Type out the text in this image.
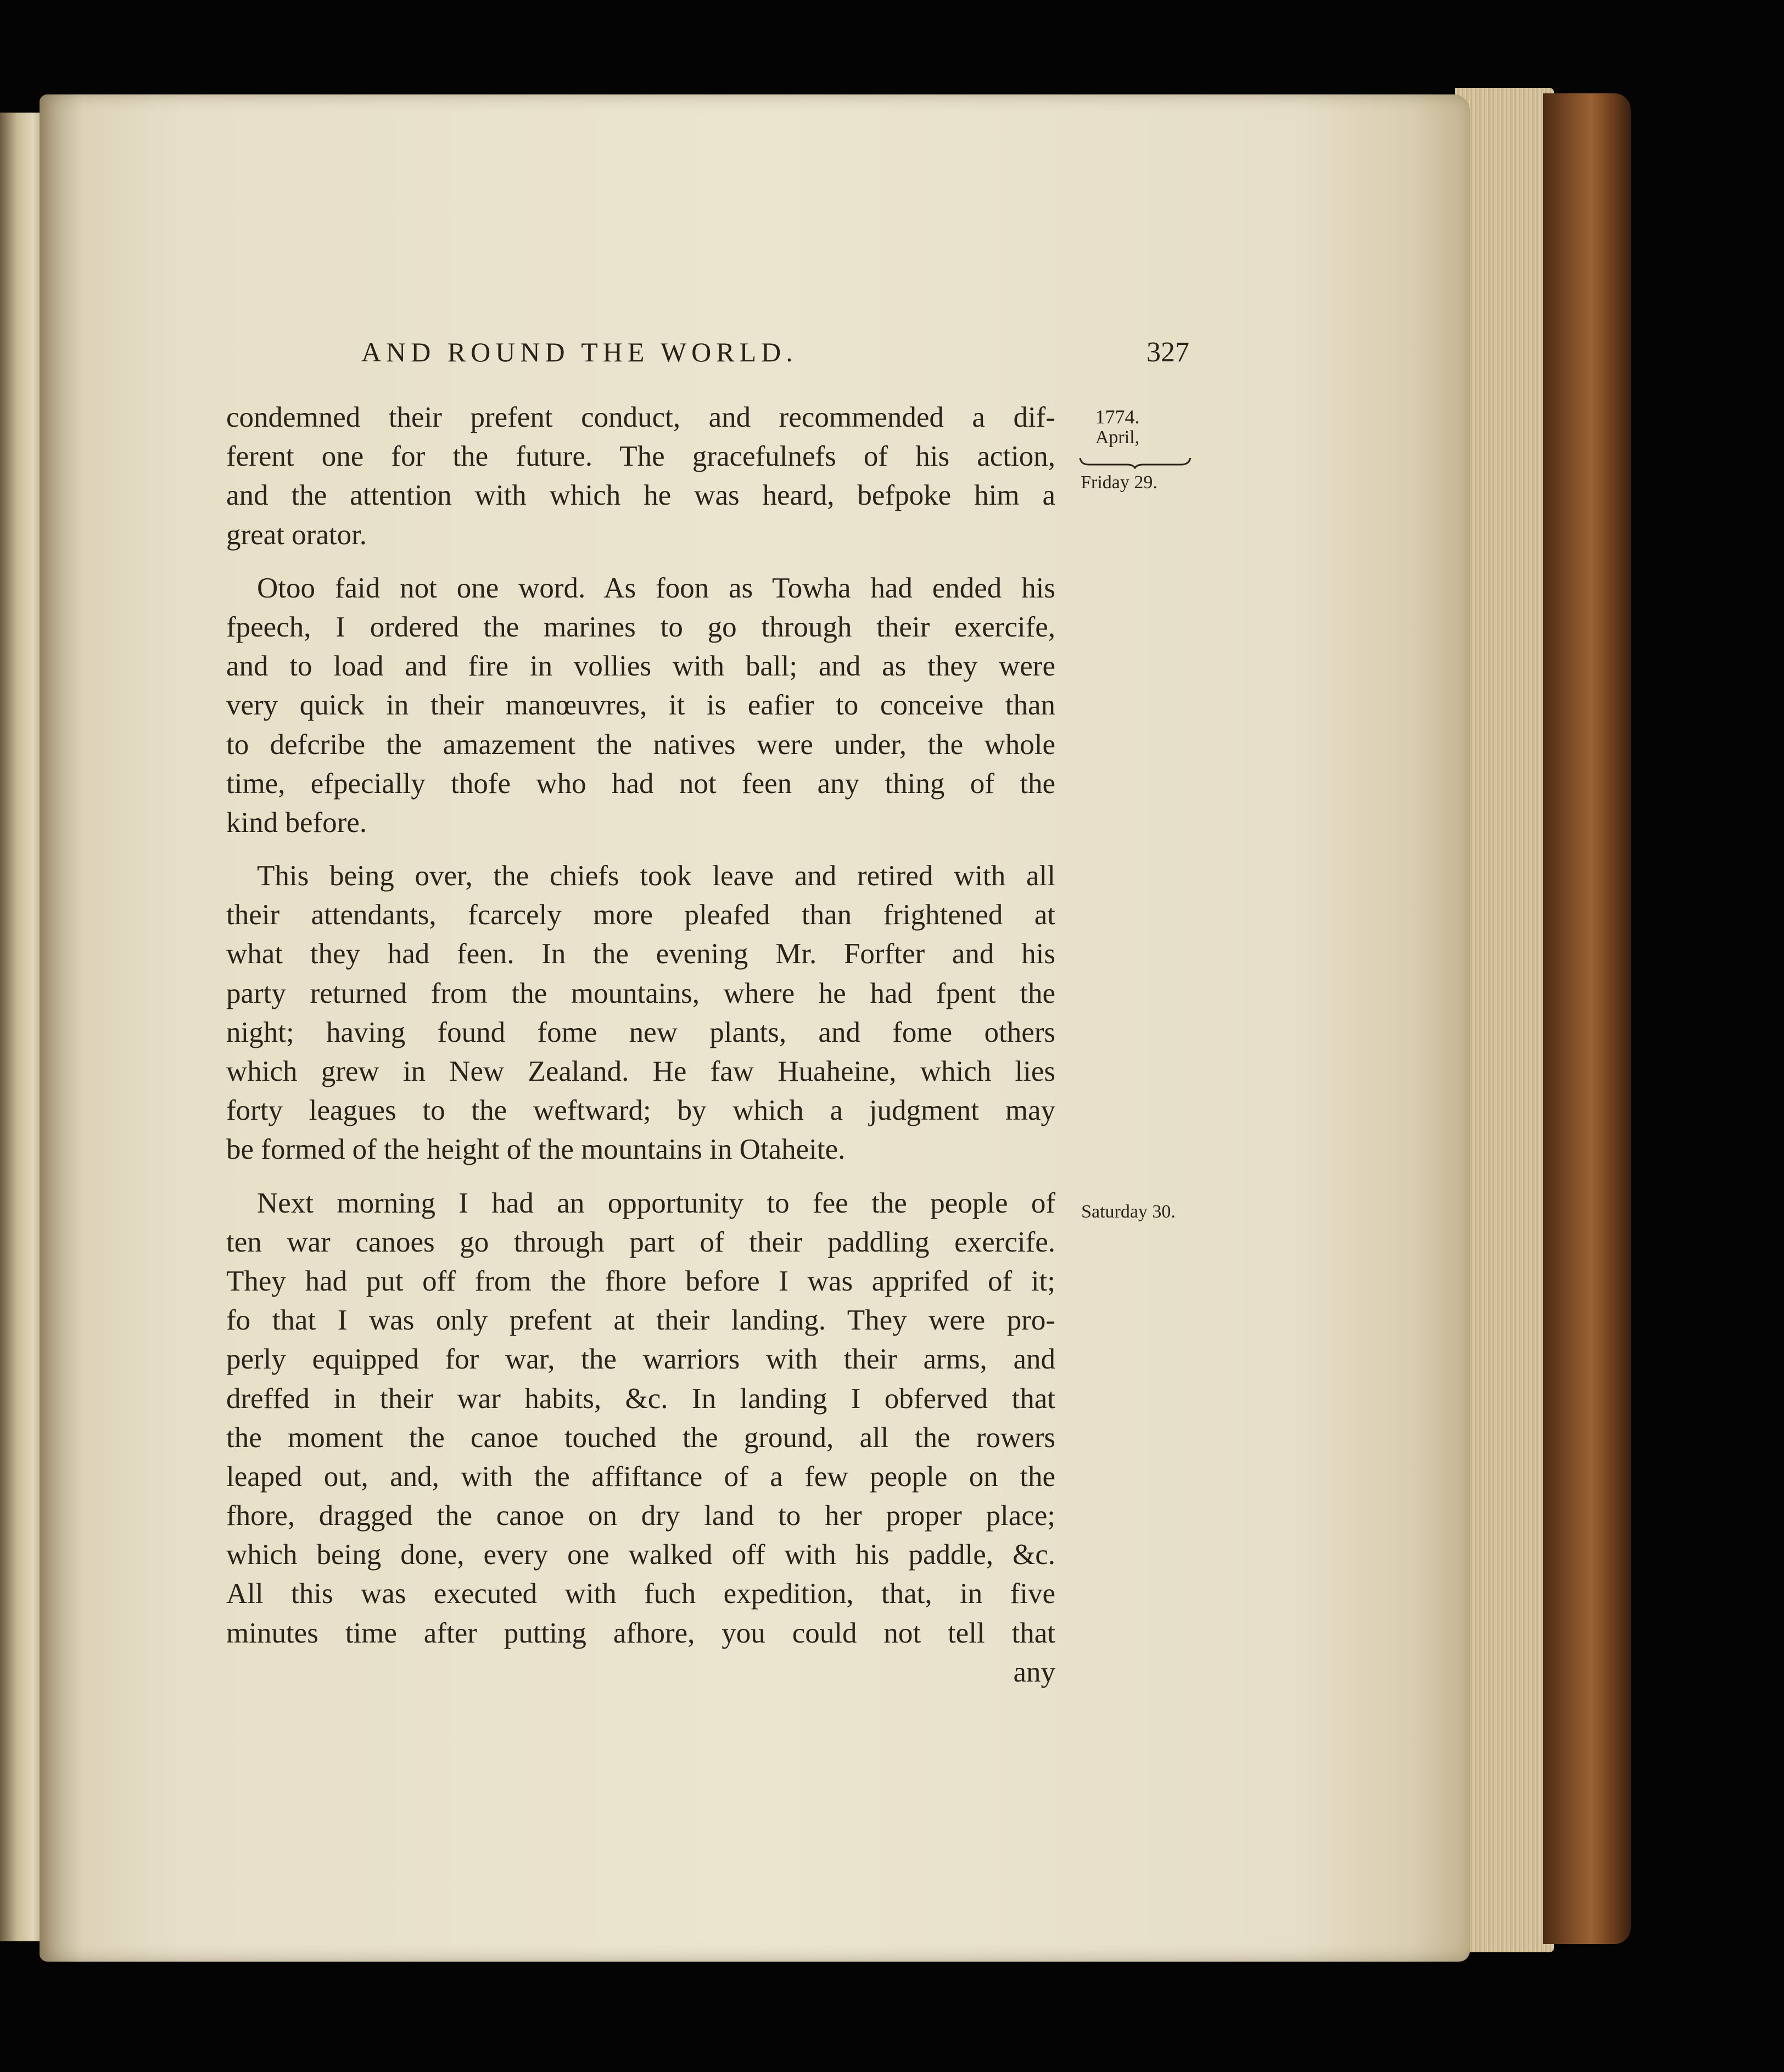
AND ROUND THE WORLD.	327
1774.
April,
Friday 29.
Saturday 30.
condemned their prefent conduct, and recommended a dif-
ferent one for the future. The gracefulnefs of his action,
and the attention with which he was heard, befpoke him a
great orator.
Otoo faid not one word. As foon as Towha had ended his
fpeech, I ordered the marines to go through their exercife,
and to load and fire in vollies with ball; and as they were
very quick in their manœuvres, it is eafier to conceive than
to defcribe the amazement the natives were under, the whole
time, efpecially thofe who had not feen any thing of the
kind before.
This being over, the chiefs took leave and retired with all
their attendants, fcarcely more pleafed than frightened at
what they had feen. In the evening Mr. Forfter and his
party returned from the mountains, where he had fpent the
night; having found fome new plants, and fome others
which grew in New Zealand. He faw Huaheine, which lies
forty leagues to the weftward; by which a judgment may
be formed of the height of the mountains in Otaheite.
Next morning I had an opportunity to fee the people of
ten war canoes go through part of their paddling exercife.
They had put off from the fhore before I was apprifed of it;
fo that I was only prefent at their landing. They were pro-
perly equipped for war, the warriors with their arms, and
dreffed in their war habits, &c. In landing I obferved that
the moment the canoe touched the ground, all the rowers
leaped out, and, with the affiftance of a few people on the
fhore, dragged the canoe on dry land to her proper place;
which being done, every one walked off with his paddle, &c.
All this was executed with fuch expedition, that, in five
minutes time after putting afhore, you could not tell that
any
